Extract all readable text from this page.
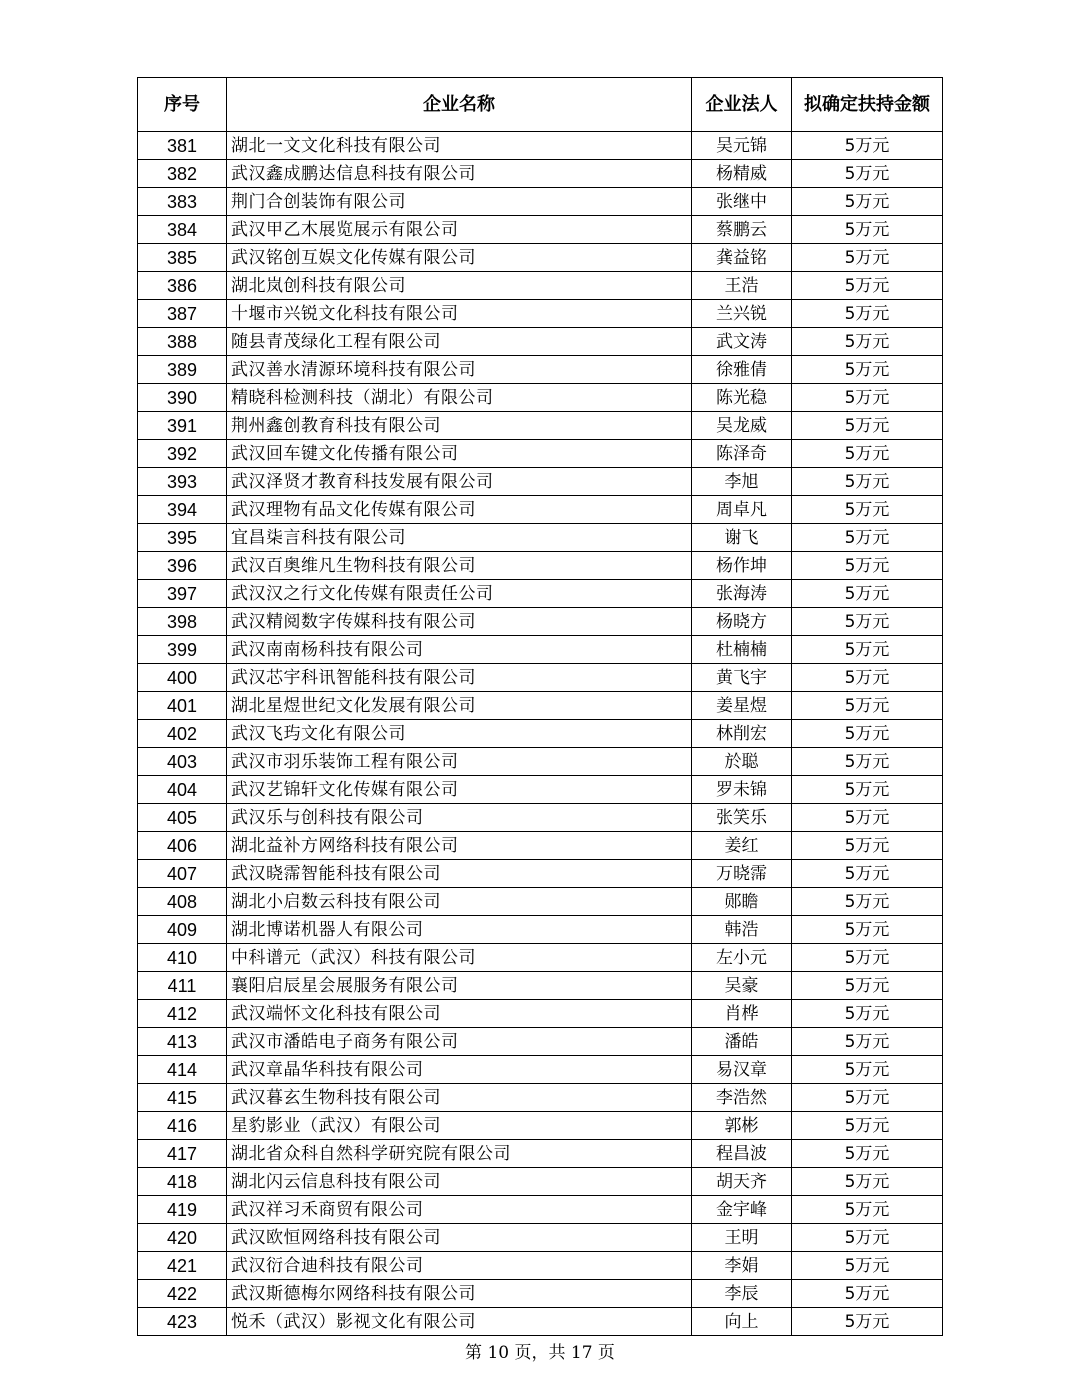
序号	企业名称	企业法人	拟确定扶持金额
381	湖北一文文化科技有限公司	吴元锦	5万元
382	武汉鑫成鹏达信息科技有限公司	杨精威	5万元
383	荆门合创装饰有限公司	张继中	5万元
384	武汉甲乙木展览展示有限公司	蔡鹏云	5万元
385	武汉铭创互娱文化传媒有限公司	龚益铭	5万元
386	湖北岚创科技有限公司	王浩	5万元
387	十堰市兴锐文化科技有限公司	兰兴锐	5万元
388	随县青茂绿化工程有限公司	武文涛	5万元
389	武汉善水清源环境科技有限公司	徐雅倩	5万元
390	精晓科检测科技（湖北）有限公司	陈光稳	5万元
391	荆州鑫创教育科技有限公司	吴龙威	5万元
392	武汉回车键文化传播有限公司	陈泽奇	5万元
393	武汉泽贤才教育科技发展有限公司	李旭	5万元
394	武汉理物有品文化传媒有限公司	周卓凡	5万元
395	宜昌柒言科技有限公司	谢飞	5万元
396	武汉百奥维凡生物科技有限公司	杨作坤	5万元
397	武汉汉之行文化传媒有限责任公司	张海涛	5万元
398	武汉精阅数字传媒科技有限公司	杨晓方	5万元
399	武汉南南杨科技有限公司	杜楠楠	5万元
400	武汉芯宇科讯智能科技有限公司	黄飞宇	5万元
401	湖北星煜世纪文化发展有限公司	姜星煜	5万元
402	武汉飞玙文化有限公司	林削宏	5万元
403	武汉市羽乐装饰工程有限公司	於聪	5万元
404	武汉艺锦轩文化传媒有限公司	罗未锦	5万元
405	武汉乐与创科技有限公司	张笑乐	5万元
406	湖北益补方网络科技有限公司	姜红	5万元
407	武汉晓霈智能科技有限公司	万晓霈	5万元
408	湖北小启数云科技有限公司	郧瞻	5万元
409	湖北博诺机器人有限公司	韩浩	5万元
410	中科谱元（武汉）科技有限公司	左小元	5万元
411	襄阳启辰星会展服务有限公司	吴豪	5万元
412	武汉端怀文化科技有限公司	肖桦	5万元
413	武汉市潘皓电子商务有限公司	潘皓	5万元
414	武汉章晶华科技有限公司	易汉章	5万元
415	武汉暮玄生物科技有限公司	李浩然	5万元
416	星豹影业（武汉）有限公司	郭彬	5万元
417	湖北省众科自然科学研究院有限公司	程昌波	5万元
418	湖北闪云信息科技有限公司	胡天齐	5万元
419	武汉祥习禾商贸有限公司	金宇峰	5万元
420	武汉欧恒网络科技有限公司	王明	5万元
421	武汉衍合迪科技有限公司	李娟	5万元
422	武汉斯德梅尔网络科技有限公司	李辰	5万元
423	悦禾（武汉）影视文化有限公司	向上	5万元
第 10 页，共 17 页
